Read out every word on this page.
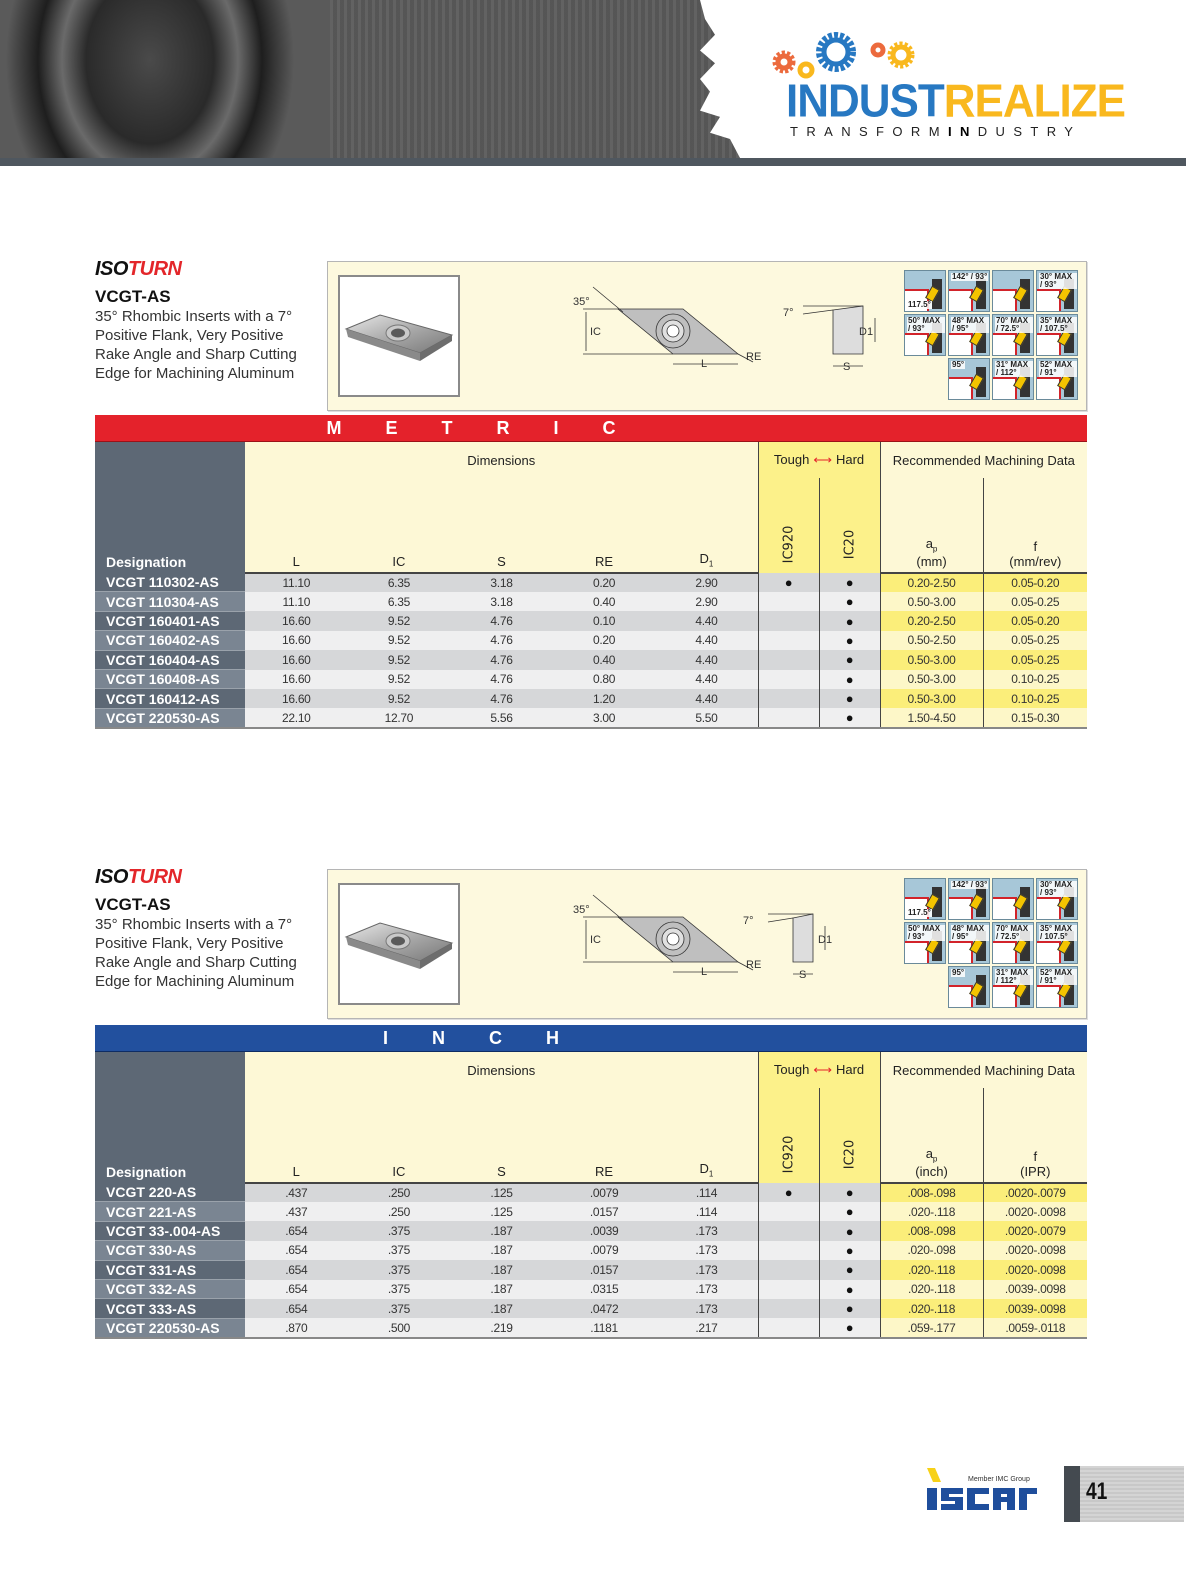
INDUSTREALIZE
TRANSFORMINDUSTRY
ISOTURN
VCGT-AS
35° Rhombic Inserts with a 7° Positive Flank, Very Positive Rake Angle and Sharp Cutting Edge for Machining Aluminum
35°
IC
L
RE
7°
D1
S
117.5°
142° / 93°	30° MAX / 93°
50° MAX / 93°
48° MAX / 95°
70° MAX / 72.5°
35° MAX / 107.5°
95°	31° MAX / 112°
52° MAX / 91°
M E T R I C
Designation	Dimensions					Tough ⟷ Hard		Recommended Machining Data	

						IC920	IC20		

	L	IC	S	RE	$D_1$			$a_p$
(mm)	f
(mm/rev)
VCGT 110302-AS	11.10	6.35	3.18	0.20	2.90	●	●	0.20-2.50	0.05-0.20
VCGT 110304-AS	11.10	6.35	3.18	0.40	2.90		●	0.50-3.00	0.05-0.25
VCGT 160401-AS	16.60	9.52	4.76	0.10	4.40		●	0.20-2.50	0.05-0.20
VCGT 160402-AS	16.60	9.52	4.76	0.20	4.40		●	0.50-2.50	0.05-0.25
VCGT 160404-AS	16.60	9.52	4.76	0.40	4.40		●	0.50-3.00	0.05-0.25
VCGT 160408-AS	16.60	9.52	4.76	0.80	4.40		●	0.50-3.00	0.10-0.25
VCGT 160412-AS	16.60	9.52	4.76	1.20	4.40		●	0.50-3.00	0.10-0.25
VCGT 220530-AS	22.10	12.70	5.56	3.00	5.50		●	1.50-4.50	0.15-0.30
ISOTURN
VCGT-AS
35° Rhombic Inserts with a 7° Positive Flank, Very Positive Rake Angle and Sharp Cutting Edge for Machining Aluminum
35°
IC
L
RE
7°
D1
S
117.5°
142° / 93°	30° MAX / 93°
50° MAX / 93°
48° MAX / 95°
70° MAX / 72.5°
35° MAX / 107.5°
95°	31° MAX / 112°
52° MAX / 91°
I N C H
Designation	Dimensions					Tough ⟷ Hard		Recommended Machining Data	

						IC920	IC20		

	L	IC	S	RE	$D_1$			$a_p$
(inch)	f
(IPR)
VCGT 220-AS	.437	.250	.125	.0079	.114	●	●	.008-.098	.0020-.0079
VCGT 221-AS	.437	.250	.125	.0157	.114		●	.020-.118	.0020-.0098
VCGT 33-.004-AS	.654	.375	.187	.0039	.173		●	.008-.098	.0020-.0079
VCGT 330-AS	.654	.375	.187	.0079	.173		●	.020-.098	.0020-.0098
VCGT 331-AS	.654	.375	.187	.0157	.173		●	.020-.118	.0020-.0098
VCGT 332-AS	.654	.375	.187	.0315	.173		●	.020-.118	.0039-.0098
VCGT 333-AS	.654	.375	.187	.0472	.173		●	.020-.118	.0039-.0098
VCGT 220530-AS	.870	.500	.219	.1181	.217		●	.059-.177	.0059-.0118
Member IMC Group 41
